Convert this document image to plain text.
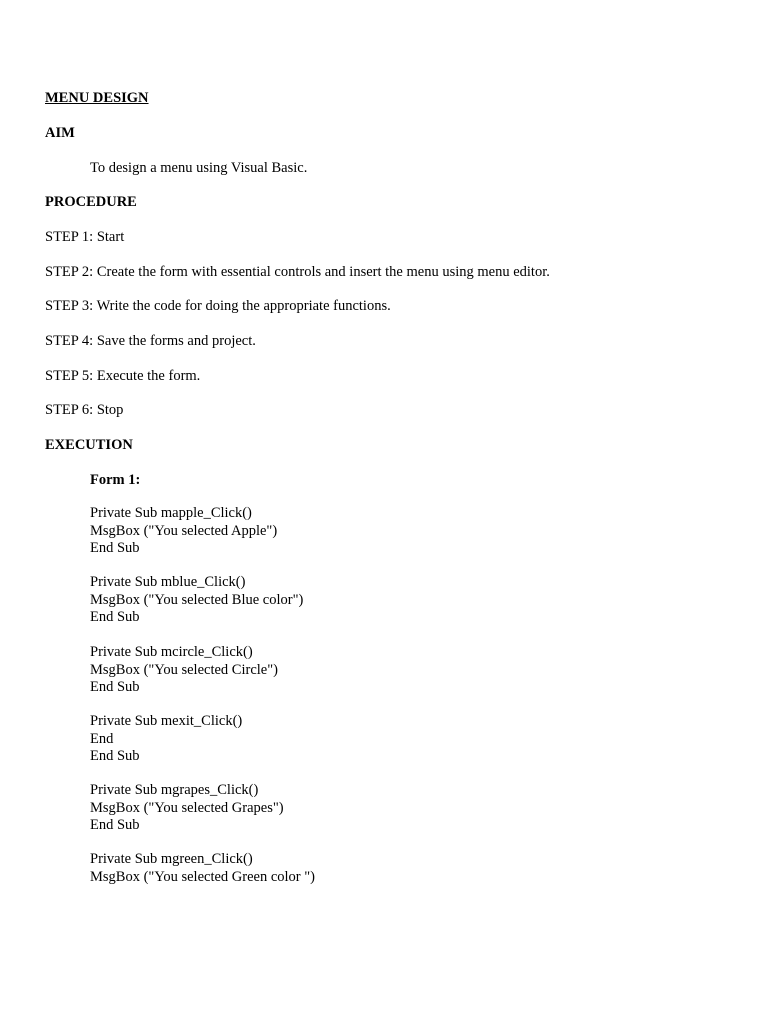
MENU DESIGN
AIM
To design a menu using Visual Basic.
PROCEDURE
STEP 1: Start
STEP 2: Create the form with essential controls and insert the menu using menu editor.
STEP 3: Write the code for doing the appropriate functions.
STEP 4: Save the forms and project.
STEP 5: Execute the form.
STEP 6: Stop
EXECUTION
Form 1:
Private Sub mapple_Click()
MsgBox ("You selected Apple")
End Sub
Private Sub mblue_Click()
MsgBox ("You selected Blue color")
End Sub
Private Sub mcircle_Click()
MsgBox ("You selected Circle")
End Sub
Private Sub mexit_Click()
End
End Sub
Private Sub mgrapes_Click()
MsgBox ("You selected Grapes")
End Sub
Private Sub mgreen_Click()
MsgBox ("You selected Green color ")
